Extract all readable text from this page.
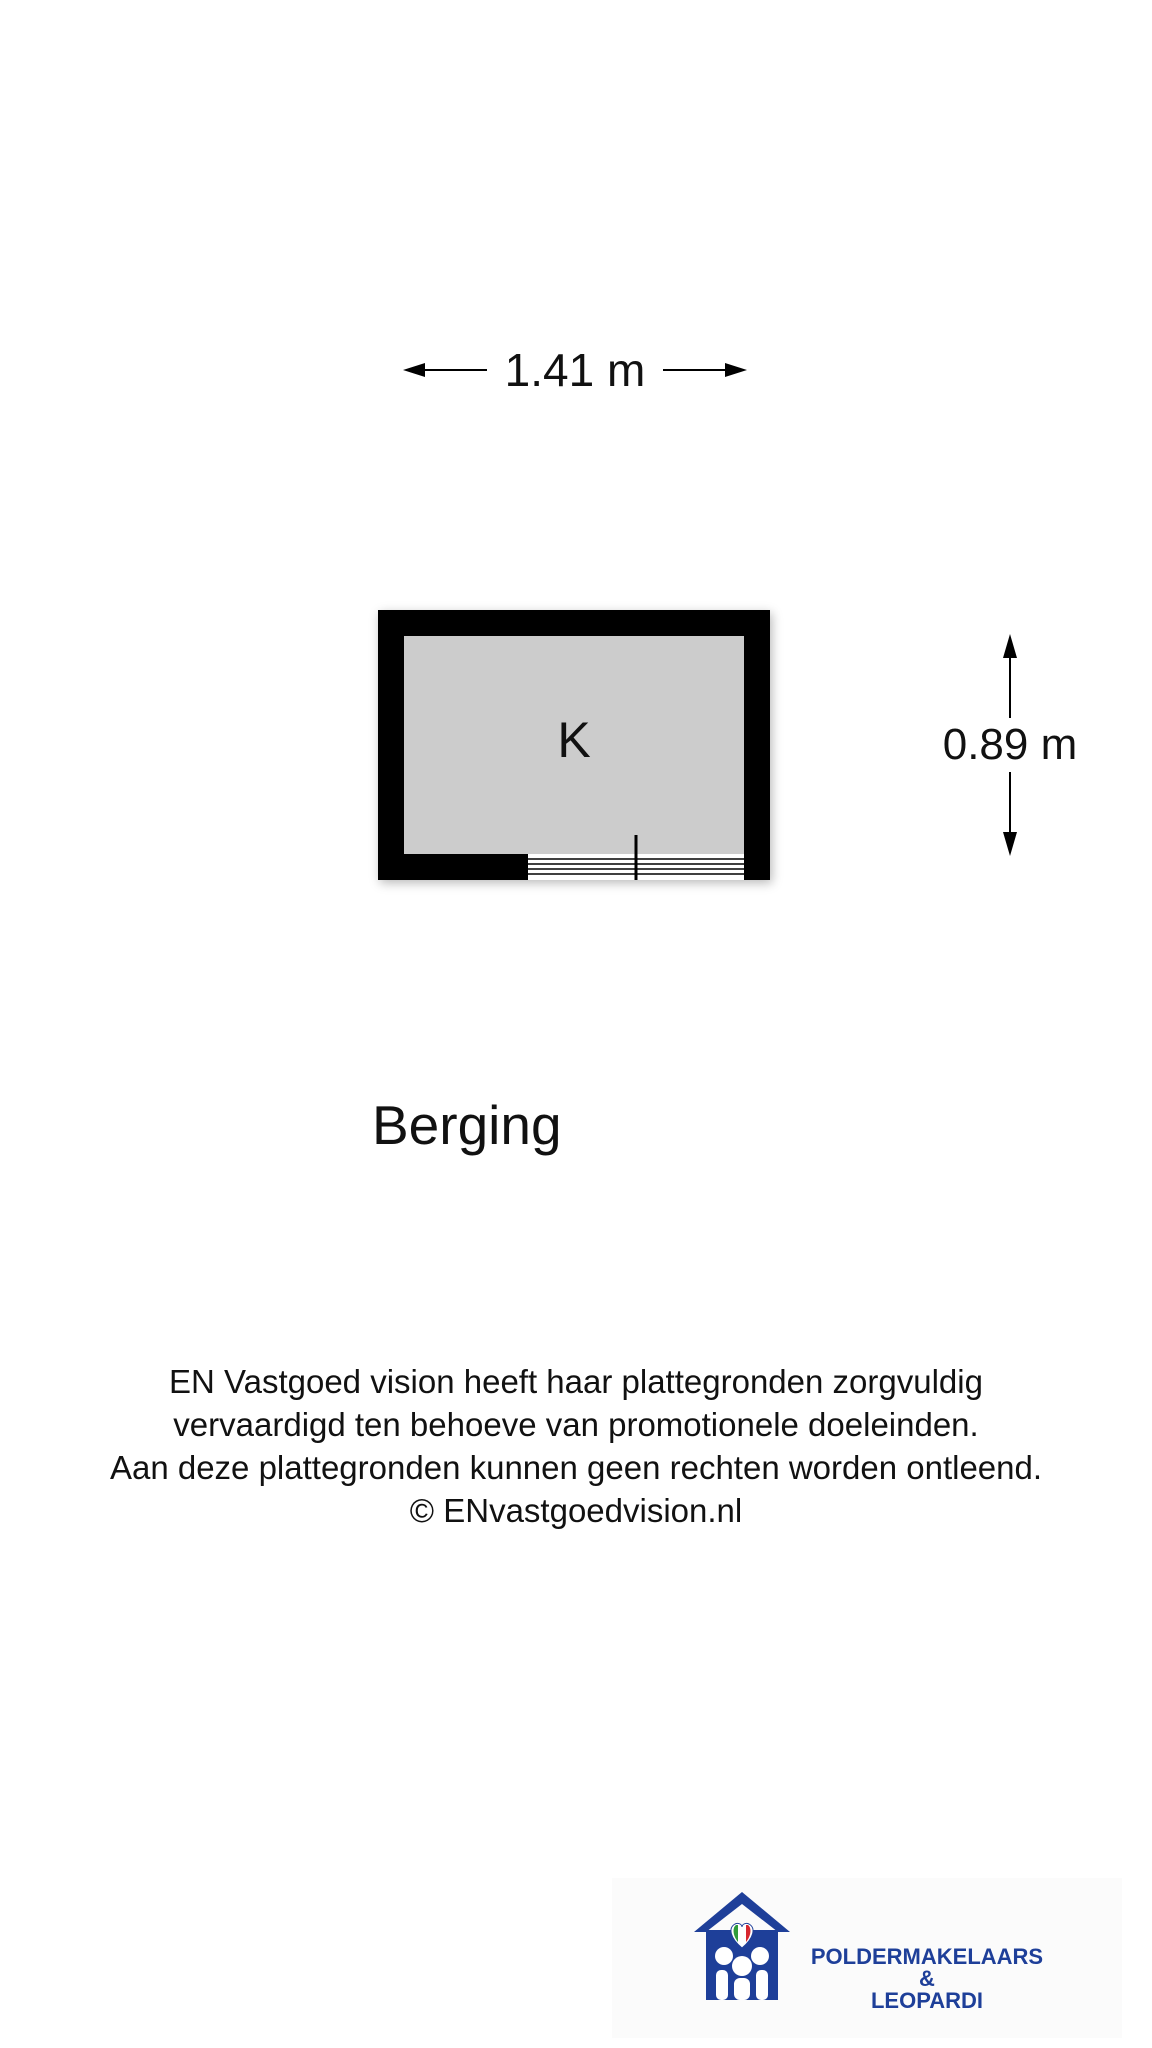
1.41 m
K	0.89 m
Berging
EN Vastgoed vision heeft haar plattegronden zorgvuldig
vervaardigd ten behoeve van promotionele doeleinden.
Aan deze plattegronden kunnen geen rechten worden ontleend.
© ENvastgoedvision.nl
POLDERMAKELAARS
&
LEOPARDI
